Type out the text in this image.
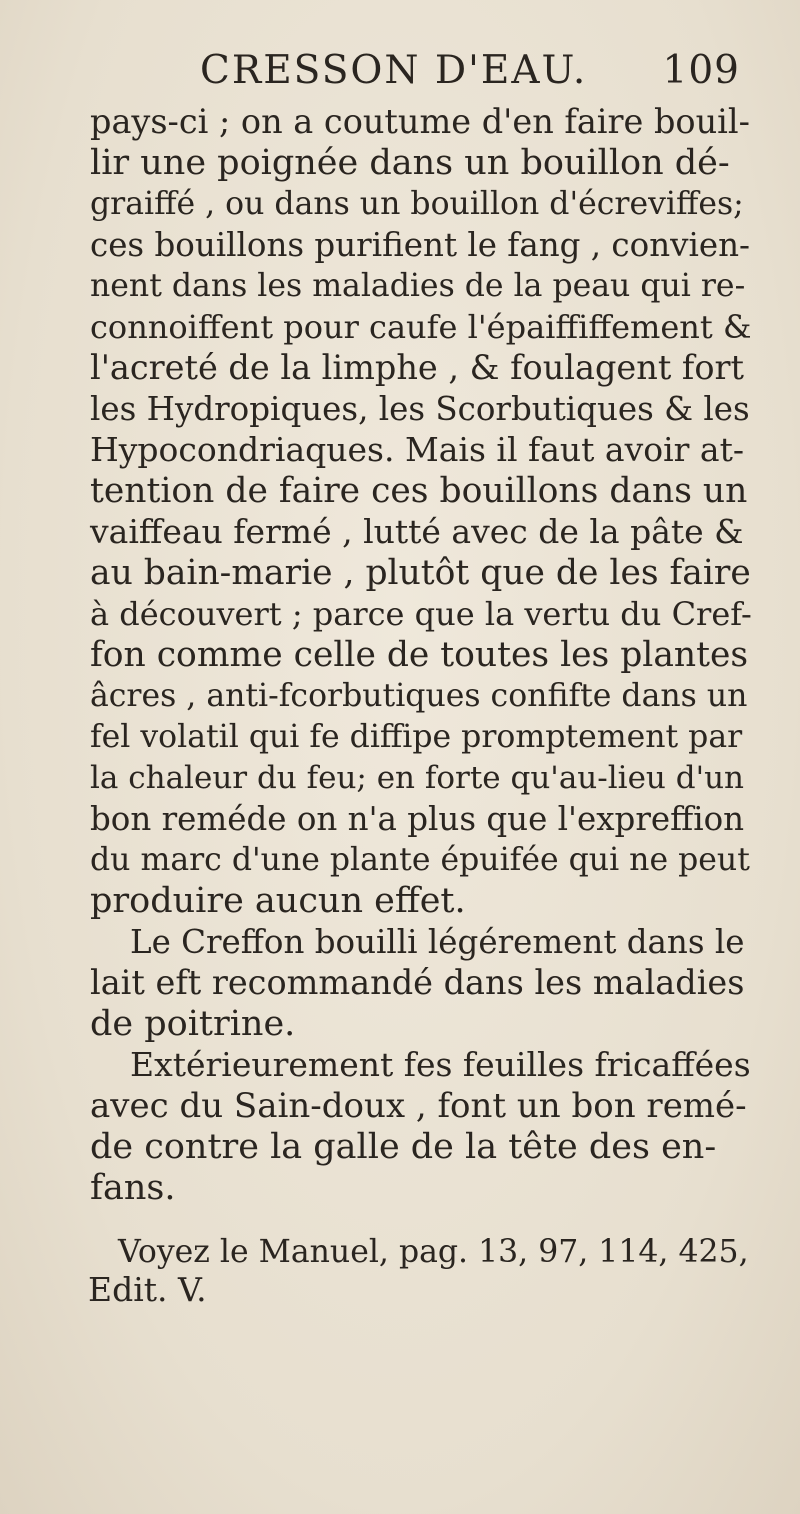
CRESSON D'EAU. 109
pays-ci ; on a coutume d'en faire bouil-
lir une poignée dans un bouillon dé-
graiffé , ou dans un bouillon d'écreviffes;
ces bouillons purifient le fang , convien-
nent dans les maladies de la peau qui re-
connoiffent pour caufe l'épaiffiffement &
l'acreté de la limphe , & foulagent fort
les Hydropiques, les Scorbutiques & les
Hypocondriaques. Mais il faut avoir at-
tention de faire ces bouillons dans un
vaiffeau fermé , lutté avec de la pâte &
au bain-marie , plutôt que de les faire
à découvert ; parce que la vertu du Cref-
fon comme celle de toutes les plantes
âcres , anti-fcorbutiques confifte dans un
fel volatil qui fe diffipe promptement par
la chaleur du feu; en forte qu'au-lieu d'un
bon reméde on n'a plus que l'expreffion
du marc d'une plante épuifée qui ne peut
produire aucun effet.
Le Creffon bouilli légérement dans le
lait eft recommandé dans les maladies
de poitrine.
Extérieurement fes feuilles fricaffées
avec du Sain-doux , font un bon remé-
de contre la galle de la tête des en-
fans.
Voyez le Manuel, pag. 13, 97, 114, 425,
Edit. V.
